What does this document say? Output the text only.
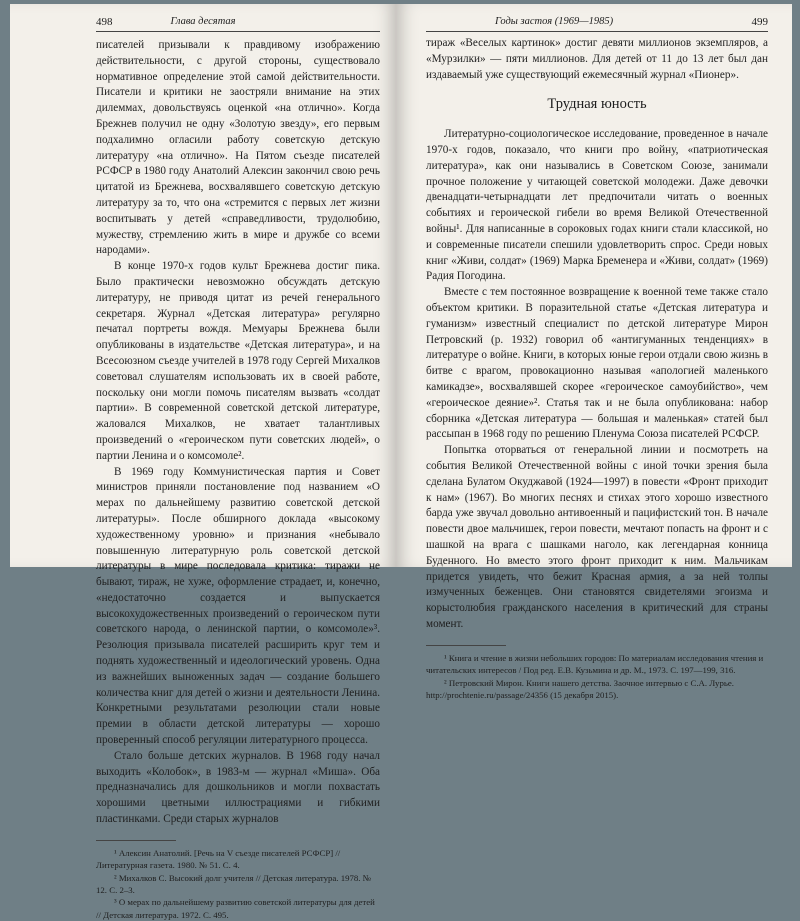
498	Глава десятая

писателей призывали к правдивому изображению действительности, с другой стороны, существовало нормативное определение этой самой действительности. Писатели и критики не заостряли внимание на этих дилеммах, довольствуясь оценкой «на отлично». Когда Брежнев получил не одну «Золотую звезду», его первым подхалимно огласили работу советскую детскую литературу «на отлично». На Пятом съезде писателей РСФСР в 1980 году Анатолий Алексин закончил свою речь цитатой из Брежнева, восхвалявшего советскую детскую литературу за то, что она «стремится с первых лет жизни воспитывать у детей «справедливости, трудолюбию, мужеству, стремлению жить в мире и дружбе со всеми народами».

В конце 1970-х годов культ Брежнева достиг пика. Было практически невозможно обсуждать детскую литературу, не приводя цитат из речей генерального секретаря. Журнал «Детская литература» регулярно печатал портреты вождя. Мемуары Брежнева были опубликованы в издательстве «Детская литература», и на Всесоюзном съезде учителей в 1978 году Сергей Михалков советовал слушателям использовать их в своей работе, поскольку они могли помочь писателям вызвать «солдат партии». В современной советской детской литературе, жаловался Михалков, не хватает талантливых произведений о «героическом пути советских людей», о партии Ленина и о комсомоле².

В 1969 году Коммунистическая партия и Совет министров приняли постановление под названием «О мерах по дальнейшему развитию советской детской литературы». После обширного доклада «высокому художественному уровню» и признания «небывало повышенную литературную роль советской детской литературы в мире последовала критика: тиражи не бывают, тираж, не хуже, оформление страдает, и, конечно, «недостаточно создается и выпускается высокохудожественных произведений о героическом пути советского народа, о ленинской партии, о комсомоле»³. Резолюция призывала писателей расширить круг тем и поднять художественный и идеологический уровень. Одна из важнейших выноженных задач — создание большего количества книг для детей о жизни и деятельности Ленина. Конкретными результатами резолюции стали новые премии в области детской литературы — хорошо проверенный способ регуляции литературного процесса.

Стало больше детских журналов. В 1968 году начал выходить «Колобок», в 1983-м — журнал «Миша». Оба предназначались для дошкольников и могли похвастать хорошими цветными иллюстрациями и гибкими пластинками. Среди старых журналов

¹ Алексин Анатолий. [Речь на V съезде писателей РСФСР] // Литературная газета. 1980. № 51. С. 4.

² Михалков С. Высокий долг учителя // Детская литература. 1978. № 12. С. 2–3.

³ О мерах по дальнейшему развитию советской литературы для детей // Детская литература. 1972. С. 495.

Годы застоя (1969—1985)	499

тираж «Веселых картинок» достиг девяти миллионов экземпляров, а «Мурзилки» — пяти миллионов. Для детей от 11 до 13 лет был дан издаваемый уже существующий ежемесячный журнал «Пионер».

Трудная юность

Литературно-социологическое исследование, проведенное в начале 1970-х годов, показало, что книги про войну, «патриотическая литература», как они назывались в Советском Союзе, занимали прочное положение у читающей советской молодежи. Даже девочки двенадцати-четырнадцати лет предпочитали читать о военных событиях и героической гибели во время Великой Отечественной войны¹. Для написанные в сороковых годах книги стали классикой, но и современные писатели спешили удовлетворить спрос. Среди новых книг «Живи, солдат» (1969) Марка Бременера и «Живи, солдат» (1969) Радия Погодина.

Вместе с тем постоянное возвращение к военной теме также стало объектом критики. В поразительной статье «Детская литература и гуманизм» известный специалист по детской литературе Мирон Петровский (р. 1932) говорил об «антигуманных тенденциях» в литературе о войне. Книги, в которых юные герои отдали свою жизнь в битве с врагом, провокационно называя «апологией маленького камикадзе», восхвалявшей скорее «героическое самоубийство», чем «героическое деяние»². Статья так и не была опубликована: набор сборника «Детская литература — большая и маленькая» статей был рассыпан в 1968 году по решению Пленума Союза писателей РСФСР.

Попытка оторваться от генеральной линии и посмотреть на события Великой Отечественной войны с иной точки зрения была сделана Булатом Окуджавой (1924—1997) в повести «Фронт приходит к нам» (1967). Во многих песнях и стихах этого хорошо известного барда уже звучал довольно антивоенный и пацифистский тон. В начале повести двое мальчишек, герои повести, мечтают попасть на фронт и с шашкой на врага с шашками наголо, как легендарная конница Буденного. Но вместо этого фронт приходит к ним. Мальчикам придется увидеть, что бежит Красная армия, а за ней толпы измученных беженцев. Они становятся свидетелями эгоизма и корыстолюбия гражданского населения в критический для страны момент.

¹ Книга и чтение в жизни небольших городов: По материалам исследования чтения и читательских интересов / Под ред. Е.В. Кузьмина и др. М., 1973. С. 197—199, 316.

² Петровский Мирон. Книги нашего детства. Заочное интервью с С.А. Лурье. http://prochtenie.ru/passage/24356 (15 декабря 2015).
